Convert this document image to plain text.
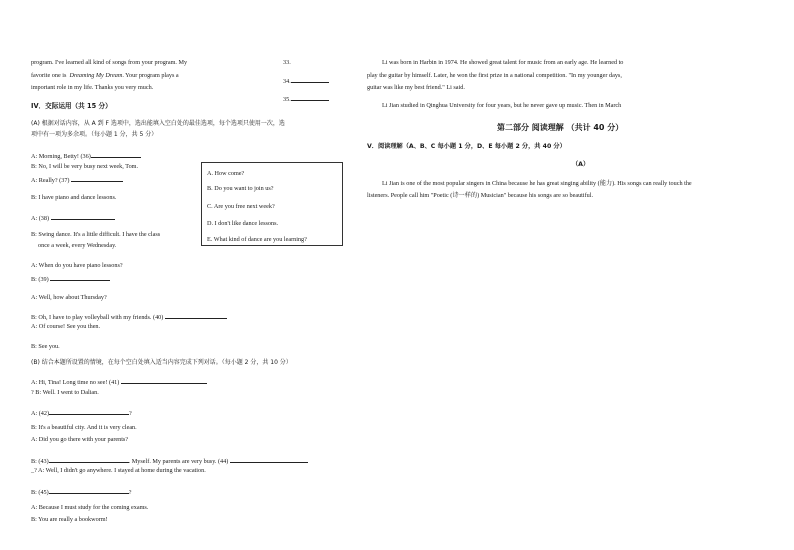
program. I've learned all kind of songs from your program. My
favorite one is Dreaming My Dream. Your program plays a
important role in my life. Thanks you very much.
IV．交际运用（共 15 分）
(A) 根据对话内容，从 A 到 F 选项中，选出能填入空白处的最佳选项，每个选项只使用一次，选
项中有一项为多余项。（每小题 1 分，共 5 分）
A: Morning, Betty! (36)
B: No, I will be very busy next week, Tom.
A: Really? (37)
B: I have piano and dance lessons.
A: (38)
B: Swing dance. It's a little difficult. I have the class
once a week, every Wednesday.
A: When do you have piano lessons?
B: (39)
A: Well, how about Thursday?
B: Oh, I have to play volleyball with my friends. (40)
A: Of course! See you then.
B: See you.
A. How come?
B. Do you want to join us?
C. Are you free next week?
D. I don't like dance lessons.
E. What kind of dance are you learning?
(B) 结合本题所设置的情境，在每个空白处填入适当内容完成下列对话。（每小题 2 分，共 10 分）
A: Hi, Tina! Long time no see! (41)
? B: Well. I went to Dalian.
A: (42)	?
B: It's a beautiful city. And it is very clean.
A: Did you go there with your parents?
B: (43)	. Myself. My parents are very busy. (44)
_? A: Well, I didn't go anywhere. I stayed at home during the vacation.
B: (45)	?
A: Because I must study for the coming exams.
B: You are really a bookworm!
33.
34.
35.
Li was born in Harbin in 1974. He showed great talent for music from an early age. He learned to
play the guitar by himself. Later, he won the first prize in a national competition. "In my younger days,
guitar was like my best friend." Li said.
Li Jian studied in Qinghua University for four years, but he never gave up music. Then in March
第二部分 阅读理解 （共计 40 分）
V．阅读理解（A、B、C 每小题 1 分，D、E 每小题 2 分，共 40 分）
（A）
Li Jian is one of the most popular singers in China because he has great singing ability (能力). His songs can really touch the
listeners. People call him "Poetic (诗一样的) Musician" because his songs are so beautiful.
